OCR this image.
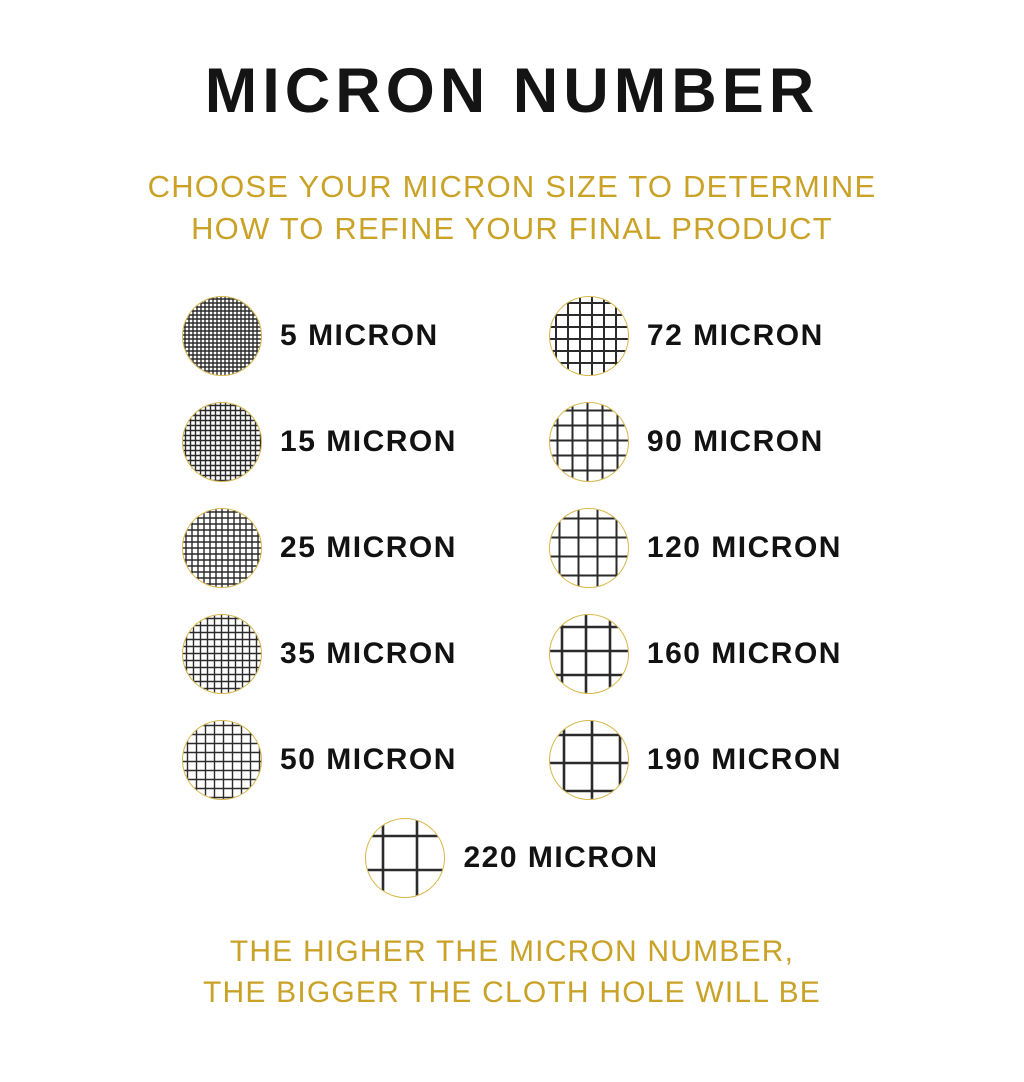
MICRON NUMBER
CHOOSE YOUR MICRON SIZE TO DETERMINE
HOW TO REFINE YOUR FINAL PRODUCT
5 MICRON
15 MICRON
25 MICRON
35 MICRON
50 MICRON
72 MICRON
90 MICRON
120 MICRON
160 MICRON
190 MICRON
220 MICRON
THE HIGHER THE MICRON NUMBER,
THE BIGGER THE CLOTH HOLE WILL BE
